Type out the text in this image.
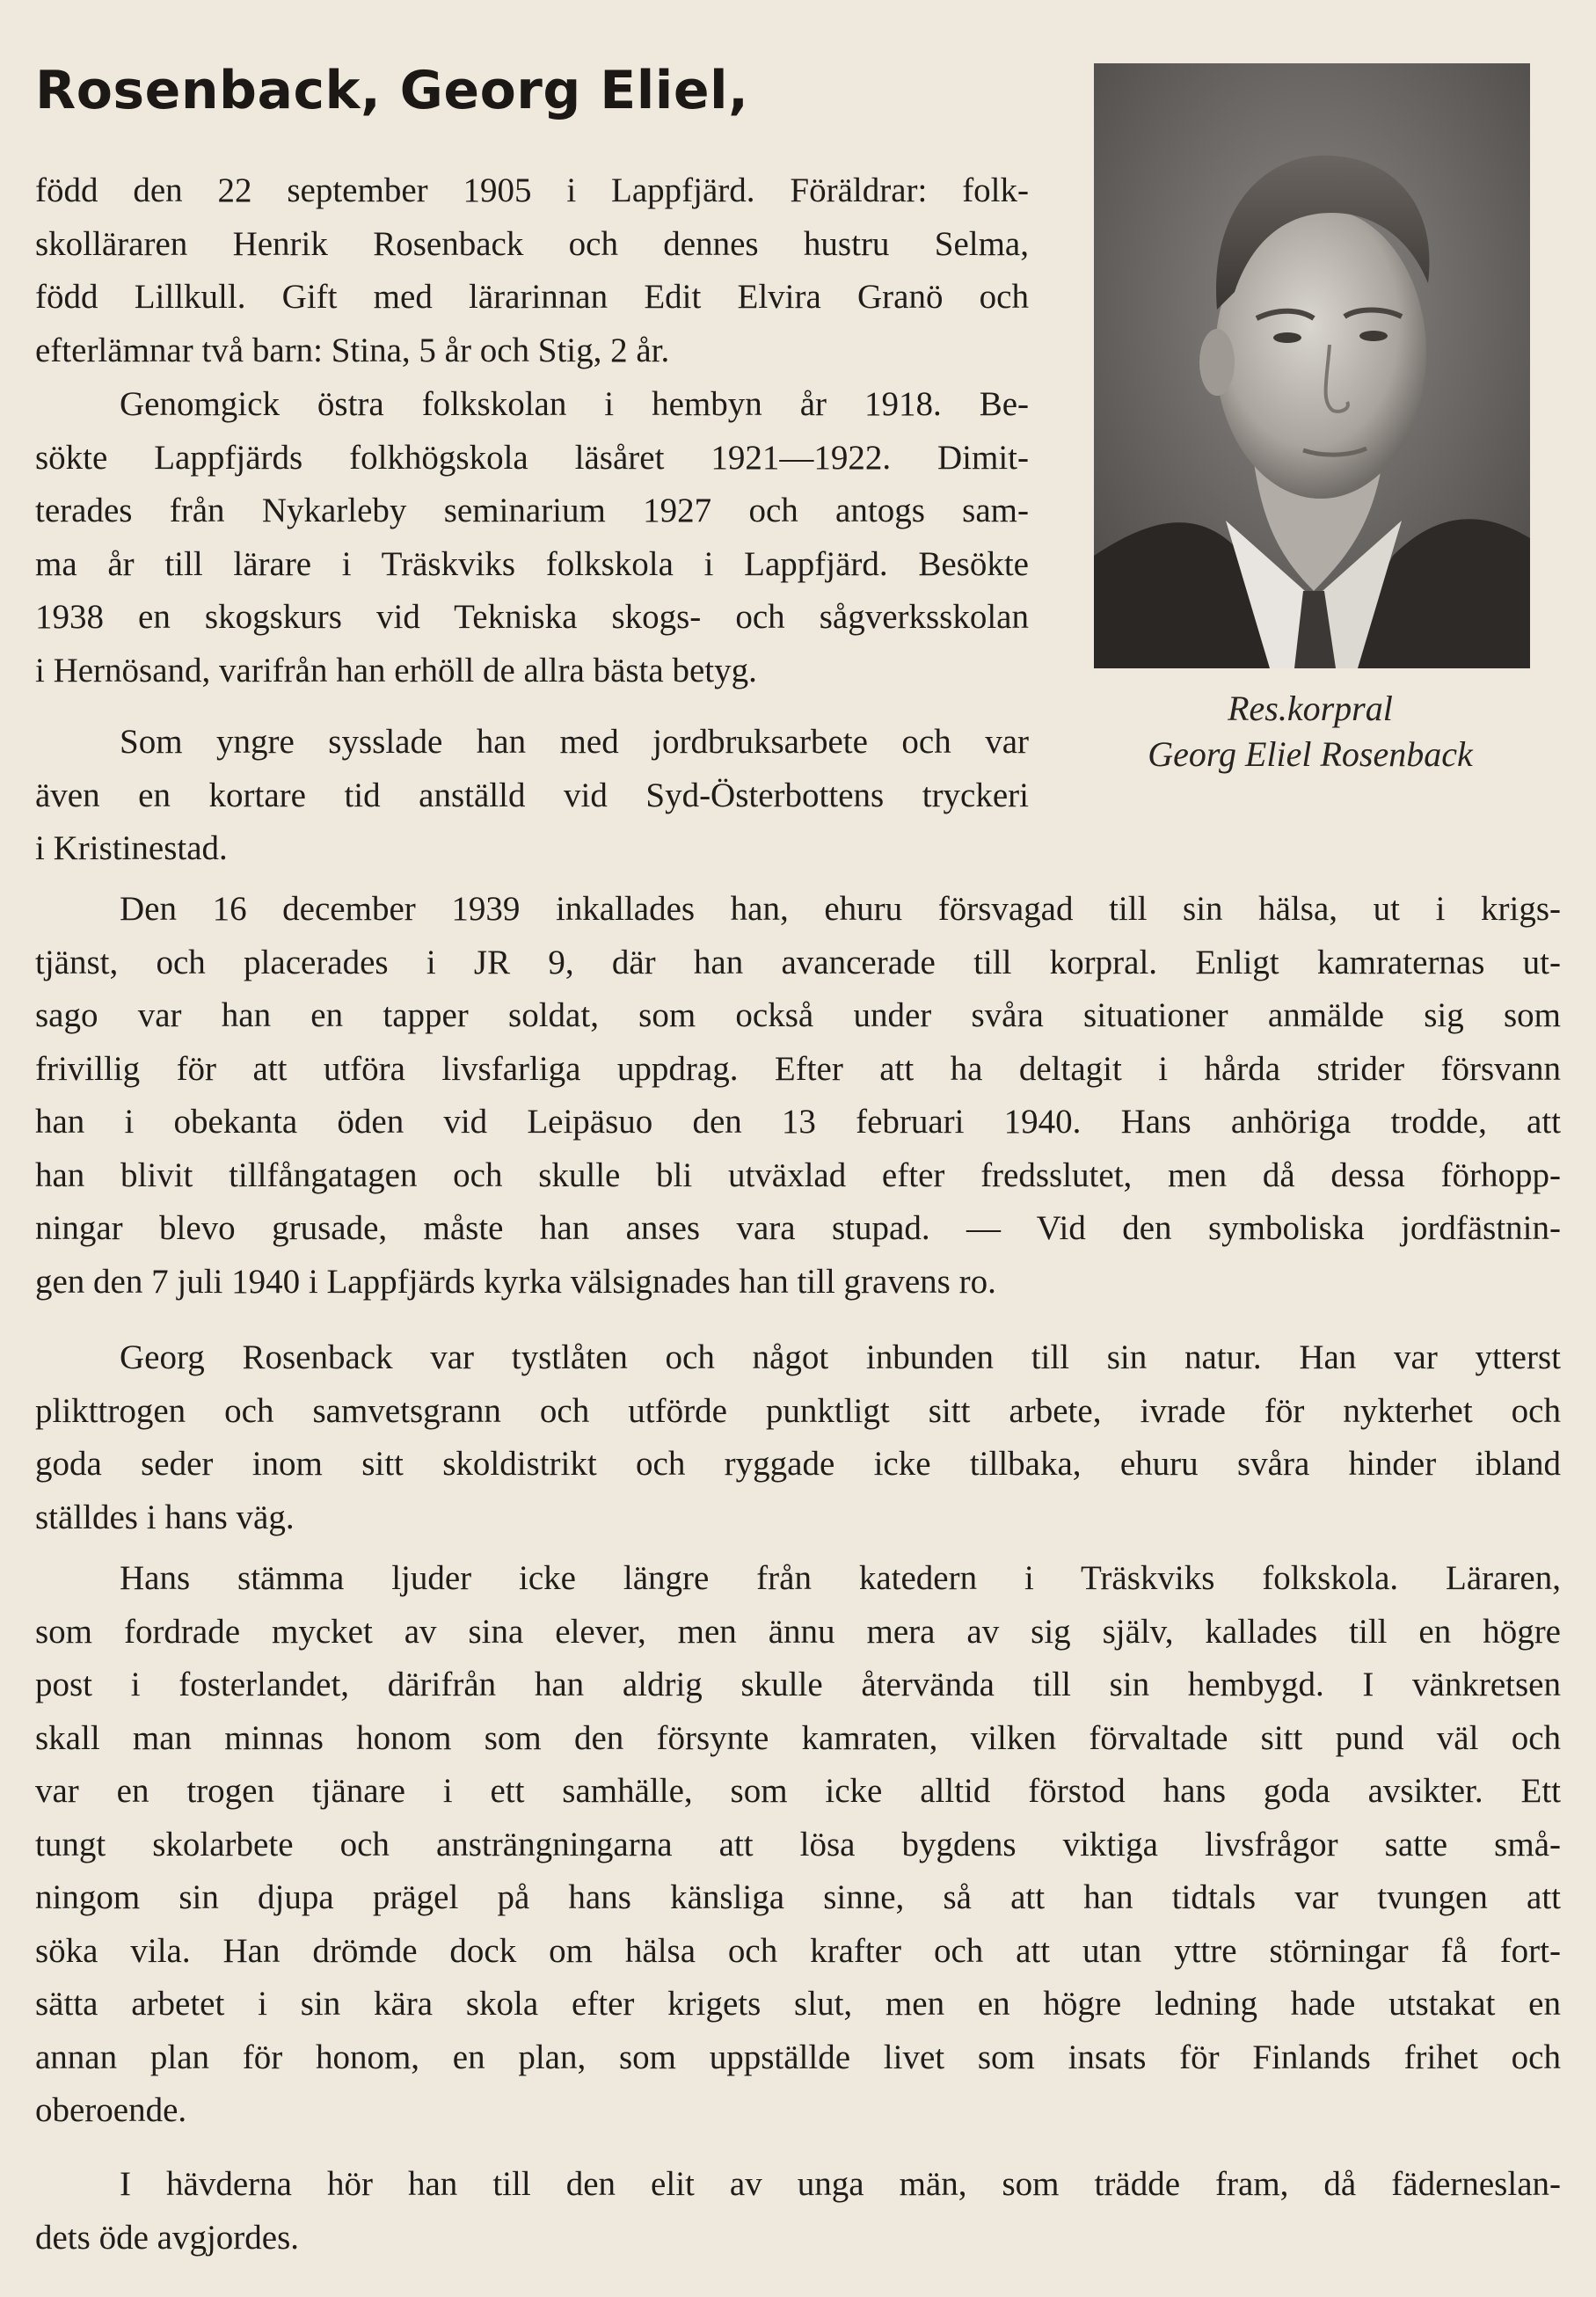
Rosenback, Georg Eliel,
Res.korpral
Georg Eliel Rosenback

född den 22 september 1905 i Lappfjärd. Föräldrar: folk-
skolläraren Henrik Rosenback och dennes hustru Selma,
född Lillkull. Gift med lärarinnan Edit Elvira Granö och
efterlämnar två barn: Stina, 5 år och Stig, 2 år.

Genomgick östra folkskolan i hembyn år 1918. Be-
sökte Lappfjärds folkhögskola läsåret 1921—1922. Dimit-
terades från Nykarleby seminarium 1927 och antogs sam-
ma år till lärare i Träskviks folkskola i Lappfjärd. Besökte
1938 en skogskurs vid Tekniska skogs- och sågverksskolan
i Hernösand, varifrån han erhöll de allra bästa betyg.

Som yngre sysslade han med jordbruksarbete och var
även en kortare tid anställd vid Syd-Österbottens tryckeri
i Kristinestad.

Den 16 december 1939 inkallades han, ehuru försvagad till sin hälsa, ut i krigs-
tjänst, och placerades i JR 9, där han avancerade till korpral. Enligt kamraternas ut-
sago var han en tapper soldat, som också under svåra situationer anmälde sig som
frivillig för att utföra livsfarliga uppdrag. Efter att ha deltagit i hårda strider försvann
han i obekanta öden vid Leipäsuo den 13 februari 1940. Hans anhöriga trodde, att
han blivit tillfångatagen och skulle bli utväxlad efter fredsslutet, men då dessa förhopp-
ningar blevo grusade, måste han anses vara stupad. — Vid den symboliska jordfästnin-
gen den 7 juli 1940 i Lappfjärds kyrka välsignades han till gravens ro.

Georg Rosenback var tystlåten och något inbunden till sin natur. Han var ytterst
plikttrogen och samvetsgrann och utförde punktligt sitt arbete, ivrade för nykterhet och
goda seder inom sitt skoldistrikt och ryggade icke tillbaka, ehuru svåra hinder ibland
ställdes i hans väg.

Hans stämma ljuder icke längre från katedern i Träskviks folkskola. Läraren,
som fordrade mycket av sina elever, men ännu mera av sig själv, kallades till en högre
post i fosterlandet, därifrån han aldrig skulle återvända till sin hembygd. I vänkretsen
skall man minnas honom som den försynte kamraten, vilken förvaltade sitt pund väl och
var en trogen tjänare i ett samhälle, som icke alltid förstod hans goda avsikter. Ett
tungt skolarbete och ansträngningarna att lösa bygdens viktiga livsfrågor satte små-
ningom sin djupa prägel på hans känsliga sinne, så att han tidtals var tvungen att
söka vila. Han drömde dock om hälsa och krafter och att utan yttre störningar få fort-
sätta arbetet i sin kära skola efter krigets slut, men en högre ledning hade utstakat en
annan plan för honom, en plan, som uppställde livet som insats för Finlands frihet och
oberoende.

I hävderna hör han till den elit av unga män, som trädde fram, då fäderneslan-
dets öde avgjordes.
